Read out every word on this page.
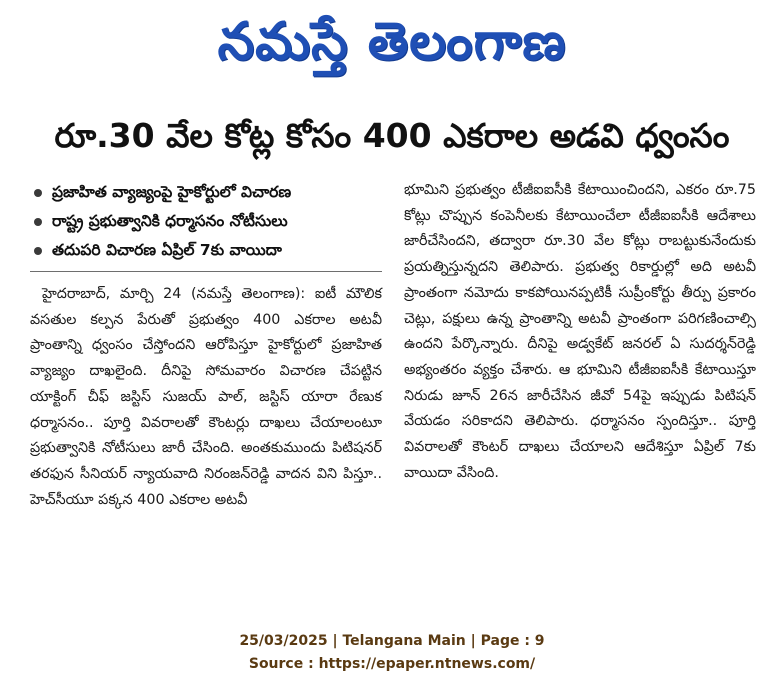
నమస్తే తెలంగాణ
రూ.30 వేల కోట్ల కోసం 400 ఎకరాల అడవి ధ్వంసం
ప్రజాహిత వ్యాజ్యంపై హైకోర్టులో విచారణ
రాష్ట్ర ప్రభుత్వానికి ధర్మాసనం నోటీసులు
తదుపరి విచారణ ఏప్రిల్ 7కు వాయిదా

హైదరాబాద్, మార్చి 24 (నమస్తే తెలంగాణ): ఐటీ మౌలిక వసతుల కల్పన పేరుతో ప్రభుత్వం 400 ఎకరాల అటవీ ప్రాంతాన్ని ధ్వంసం చేస్తోందని ఆరోపిస్తూ హైకోర్టులో ప్రజాహిత వ్యాజ్యం దాఖలైంది. దీనిపై సోమవారం విచారణ చేపట్టిన యాక్టింగ్ చీఫ్ జస్టిస్ సుజయ్ పాల్, జస్టిస్ యారా రేణుక ధర్మాసనం.. పూర్తి వివరాలతో కౌంటర్లు దాఖలు చేయాలంటూ ప్రభుత్వానికి నోటీసులు జారీ చేసింది. అంతకుముందు పిటిషనర్ తరఫున సీనియర్ న్యాయవాది నిరంజన్‌రెడ్డి వాదన విని పిస్తూ.. హెచ్‌సీయూ పక్కన 400 ఎకరాల అటవీ

భూమిని ప్రభుత్వం టీజీఐఐసీకి కేటాయించిందని, ఎకరం రూ.75 కోట్లు చొప్పున కంపెనీలకు కేటాయించేలా టీజీఐఐసీకి ఆదేశాలు జారీచేసిందని, తద్వారా రూ.30 వేల కోట్లు రాబట్టుకునేందుకు ప్రయత్నిస్తున్నదని తెలిపారు. ప్రభుత్వ రికార్డుల్లో అది అటవీ ప్రాంతంగా నమోదు కాకపోయినప్పటికీ సుప్రీంకోర్టు తీర్పు ప్రకారం చెట్లు, పక్షులు ఉన్న ప్రాంతాన్ని అటవీ ప్రాంతంగా పరిగణించాల్సి ఉందని పేర్కొన్నారు. దీనిపై అడ్వకేట్ జనరల్ ఏ సుదర్శన్‌రెడ్డి అభ్యంతరం వ్యక్తం చేశారు. ఆ భూమిని టీజీఐఐసీకి కేటాయిస్తూ నిరుడు జూన్ 26న జారీచేసిన జీవో 54పై ఇప్పుడు పిటిషన్ వేయడం సరికాదని తెలిపారు. ధర్మాసనం స్పందిస్తూ.. పూర్తి వివరాలతో కౌంటర్ దాఖలు చేయాలని ఆదేశిస్తూ ఏప్రిల్ 7కు వాయిదా వేసింది.

25/03/2025 | Telangana Main | Page : 9
Source : https://epaper.ntnews.com/
